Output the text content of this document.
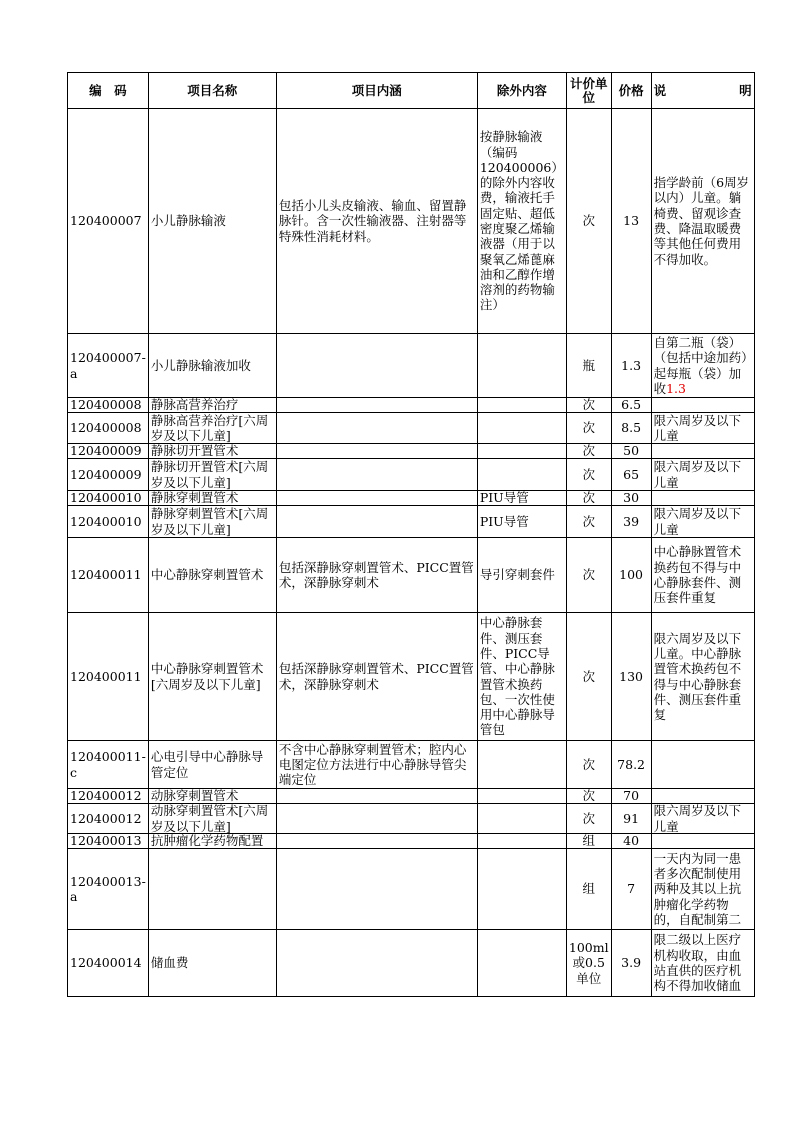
编　码	项目名称	项目内涵	除外内容	计价单位	价格	说 明

120400007	小儿静脉输液	包括小儿头皮输液、输血、留置静脉针。含一次性输液器、注射器等特殊性消耗材料。	按静脉输液（编码120400006）的除外内容收费，输液托手固定贴、超低密度聚乙烯输液器（用于以聚氧乙烯蓖麻油和乙醇作增溶剂的药物输注）	次	13	指学龄前（6周岁以内）儿童。躺椅费、留观诊查费、降温取暖费等其他任何费用不得加收。

120400007-a	小儿静脉输液加收			瓶	1.3	自第二瓶（袋）（包括中途加药）起每瓶（袋）加收1.3

120400008	静脉高营养治疗			次	6.5	

120400008	静脉高营养治疗[六周岁及以下儿童]			次	8.5	限六周岁及以下儿童

120400009	静脉切开置管术			次	50	

120400009	静脉切开置管术[六周岁及以下儿童]			次	65	限六周岁及以下儿童

120400010	静脉穿刺置管术		PIU导管	次	30	

120400010	静脉穿刺置管术[六周岁及以下儿童]		PIU导管	次	39	限六周岁及以下儿童

120400011	中心静脉穿刺置管术	包括深静脉穿刺置管术、PICC置管术，深静脉穿刺术	导引穿刺套件	次	100	中心静脉置管术换药包不得与中心静脉套件、测压套件重复

120400011	中心静脉穿刺置管术[六周岁及以下儿童]	包括深静脉穿刺置管术、PICC置管术，深静脉穿刺术	中心静脉套件、测压套件、PICC导管、中心静脉置管术换药包、一次性使用中心静脉导管包	次	130	限六周岁及以下儿童。中心静脉置管术换药包不得与中心静脉套件、测压套件重复

120400011-c	心电引导中心静脉导管定位	不含中心静脉穿刺置管术；腔内心电图定位方法进行中心静脉导管尖端定位		次	78.2	

120400012	动脉穿刺置管术			次	70	

120400012	动脉穿刺置管术[六周岁及以下儿童]			次	91	限六周岁及以下儿童

120400013	抗肿瘤化学药物配置			组	40	

120400013-a				组	7	一天内为同一患者多次配制使用两种及其以上抗肿瘤化学药物的，自配制第二

120400014	储血费			100ml或0.5单位	3.9	限二级以上医疗机构收取，由血站直供的医疗机构不得加收储血
